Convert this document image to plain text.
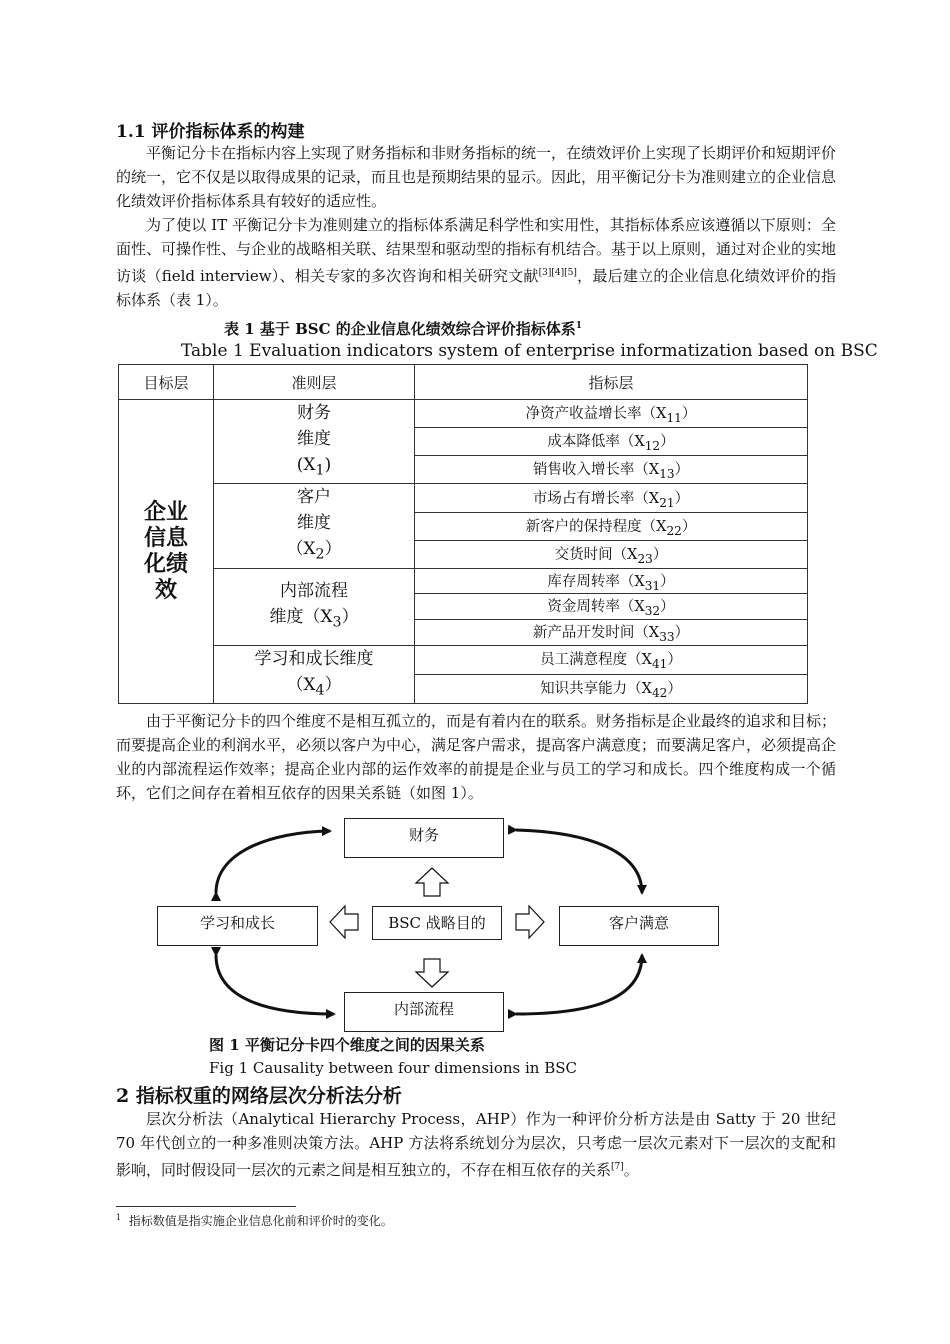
1.1 评价指标体系的构建

平衡记分卡在指标内容上实现了财务指标和非财务指标的统一，在绩效评价上实现了长期评价和短期评价的统一，它不仅是以取得成果的记录，而且也是预期结果的显示。因此，用平衡记分卡为准则建立的企业信息化绩效评价指标体系具有较好的适应性。

为了使以 IT 平衡记分卡为准则建立的指标体系满足科学性和实用性，其指标体系应该遵循以下原则：全面性、可操作性、与企业的战略相关联、结果型和驱动型的指标有机结合。基于以上原则，通过对企业的实地访谈（field interview）、相关专家的多次咨询和相关研究文献[3][4][5]，最后建立的企业信息化绩效评价的指标体系（表 1）。

表 1 基于 BSC 的企业信息化绩效综合评价指标体系$^1$
Table 1 Evaluation indicators system of enterprise informatization based on BSC
目标层	准则层	指标层

企业信息化绩效	财务
维度
$(X_1)$	净资产收益增长率$(X_{11})$
		成本降低率$(X_{12})$
		销售收入增长率$(X_{13})$
	客户
维度
$(X_2)$	市场占有增长率$(X_{21})$
		新客户的保持程度$(X_{22})$
		交货时间$(X_{23})$
	内部流程
维度$(X_3)$	库存周转率$(X_{31})$
		资金周转率$(X_{32})$
		新产品开发时间$(X_{33})$
	学习和成长维度
$(X_4)$	员工满意程度$(X_{41})$
		知识共享能力$(X_{42})$

由于平衡记分卡的四个维度不是相互孤立的，而是有着内在的联系。财务指标是企业最终的追求和目标；而要提高企业的利润水平，必须以客户为中心，满足客户需求，提高客户满意度；而要满足客户，必须提高企业的内部流程运作效率；提高企业内部的运作效率的前提是企业与员工的学习和成长。四个维度构成一个循环，它们之间存在着相互依存的因果关系链（如图 1）。

财务
学习和成长	BSC 战略目的	客户满意
内部流程
图 1 平衡记分卡四个维度之间的因果关系
Fig 1 Causality between four dimensions in BSC
2 指标权重的网络层次分析法分析

层次分析法（Analytical Hierarchy Process，AHP）作为一种评价分析方法是由 Satty 于 20 世纪 70 年代创立的一种多准则决策方法。AHP 方法将系统划分为层次，只考虑一层次元素对下一层次的支配和影响，同时假设同一层次的元素之间是相互独立的，不存在相互依存的关系[7]。

$^1$ 指标数值是指实施企业信息化前和评价时的变化。
